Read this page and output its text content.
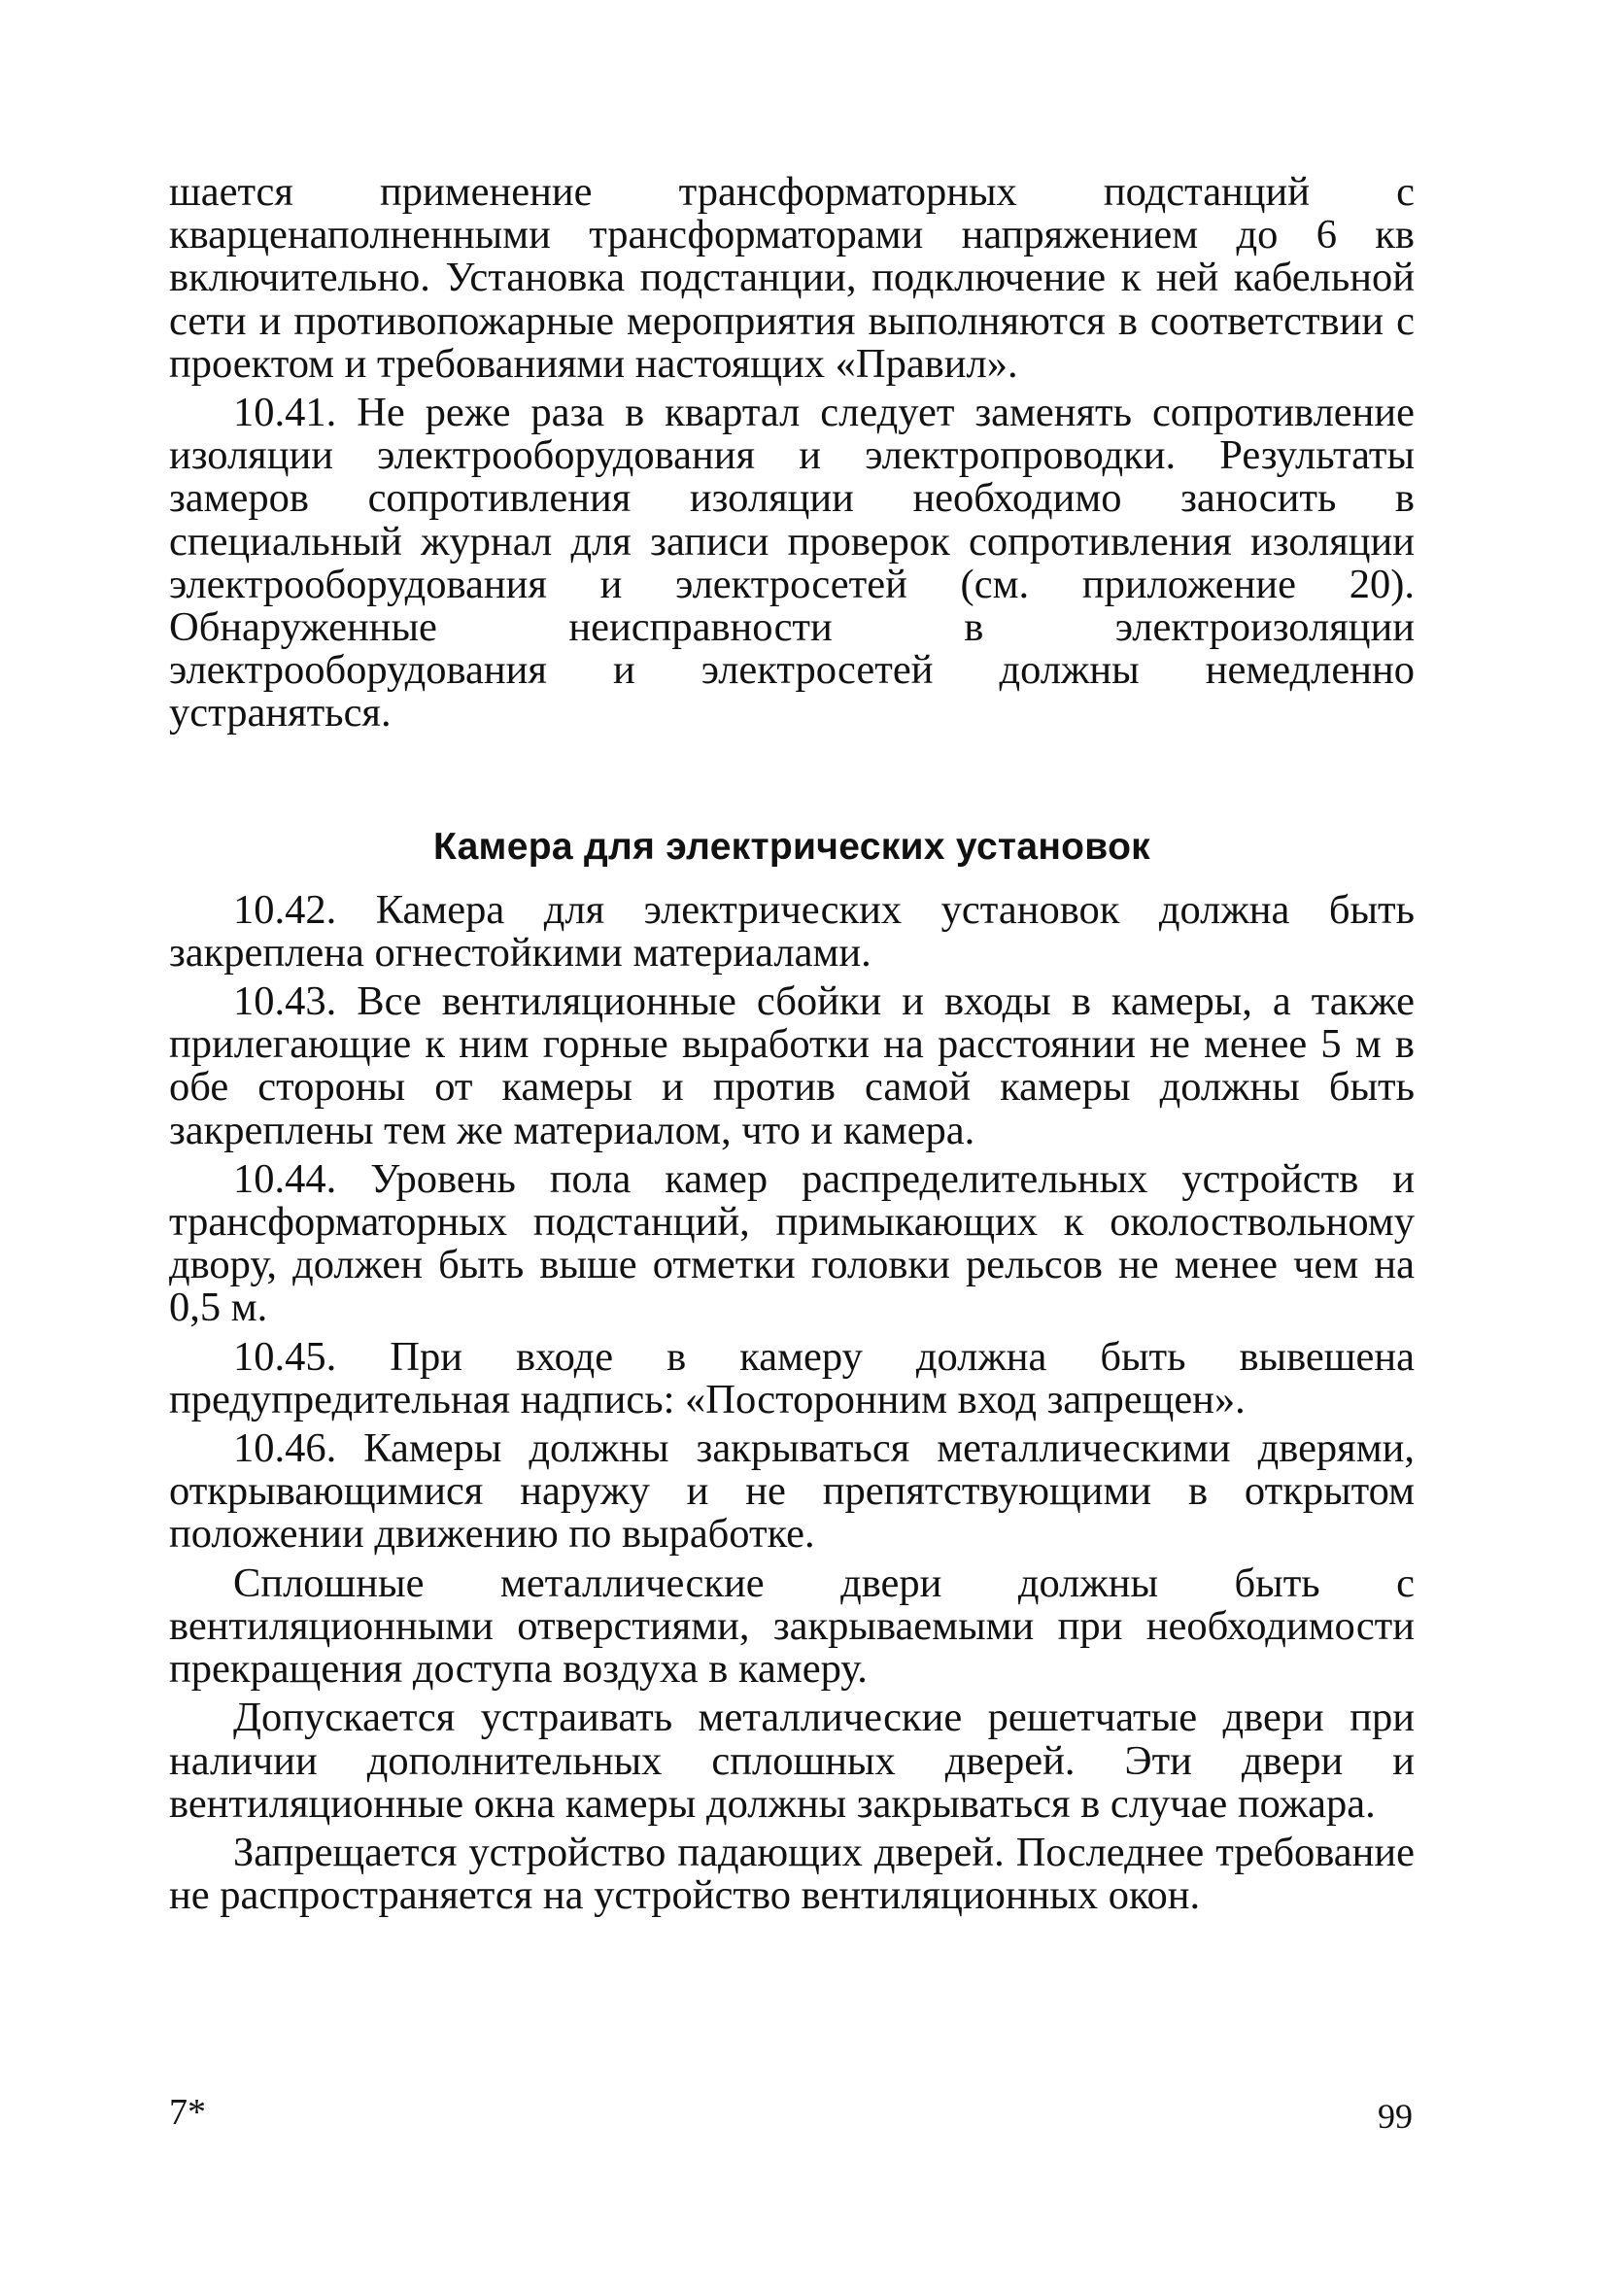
шается применение трансформаторных подстанций с кварценаполненными трансформаторами напряжением до 6 кв включительно. Установка подстанции, подключение к ней кабельной сети и противопожарные мероприятия выполняются в соответствии с проектом и требованиями настоящих «Правил».

10.41. Не реже раза в квартал следует заменять сопротивление изоляции электрооборудования и электропроводки. Результаты замеров сопротивления изоляции необходимо заносить в специальный журнал для записи проверок сопротивления изоляции электрооборудования и электросетей (см. приложение 20). Обнаруженные неисправности в электроизоляции электрооборудования и электросетей должны немедленно устраняться.

Камера для электрических установок

10.42. Камера для электрических установок должна быть закреплена огнестойкими материалами.

10.43. Все вентиляционные сбойки и входы в камеры, а также прилегающие к ним горные выработки на расстоянии не менее 5 м в обе стороны от камеры и против самой камеры должны быть закреплены тем же материалом, что и камера.

10.44. Уровень пола камер распределительных устройств и трансформаторных подстанций, примыкающих к околоствольному двору, должен быть выше отметки головки рельсов не менее чем на 0,5 м.

10.45. При входе в камеру должна быть вывешена предупредительная надпись: «Посторонним вход запрещен».

10.46. Камеры должны закрываться металлическими дверями, открывающимися наружу и не препятствующими в открытом положении движению по выработке.

Сплошные металлические двери должны быть с вентиляционными отверстиями, закрываемыми при необходимости прекращения доступа воздуха в камеру.

Допускается устраивать металлические решетчатые двери при наличии дополнительных сплошных дверей. Эти двери и вентиляционные окна камеры должны закрываться в случае пожара.

Запрещается устройство падающих дверей. Последнее требование не распространяется на устройство вентиляционных окон.

7*	99
